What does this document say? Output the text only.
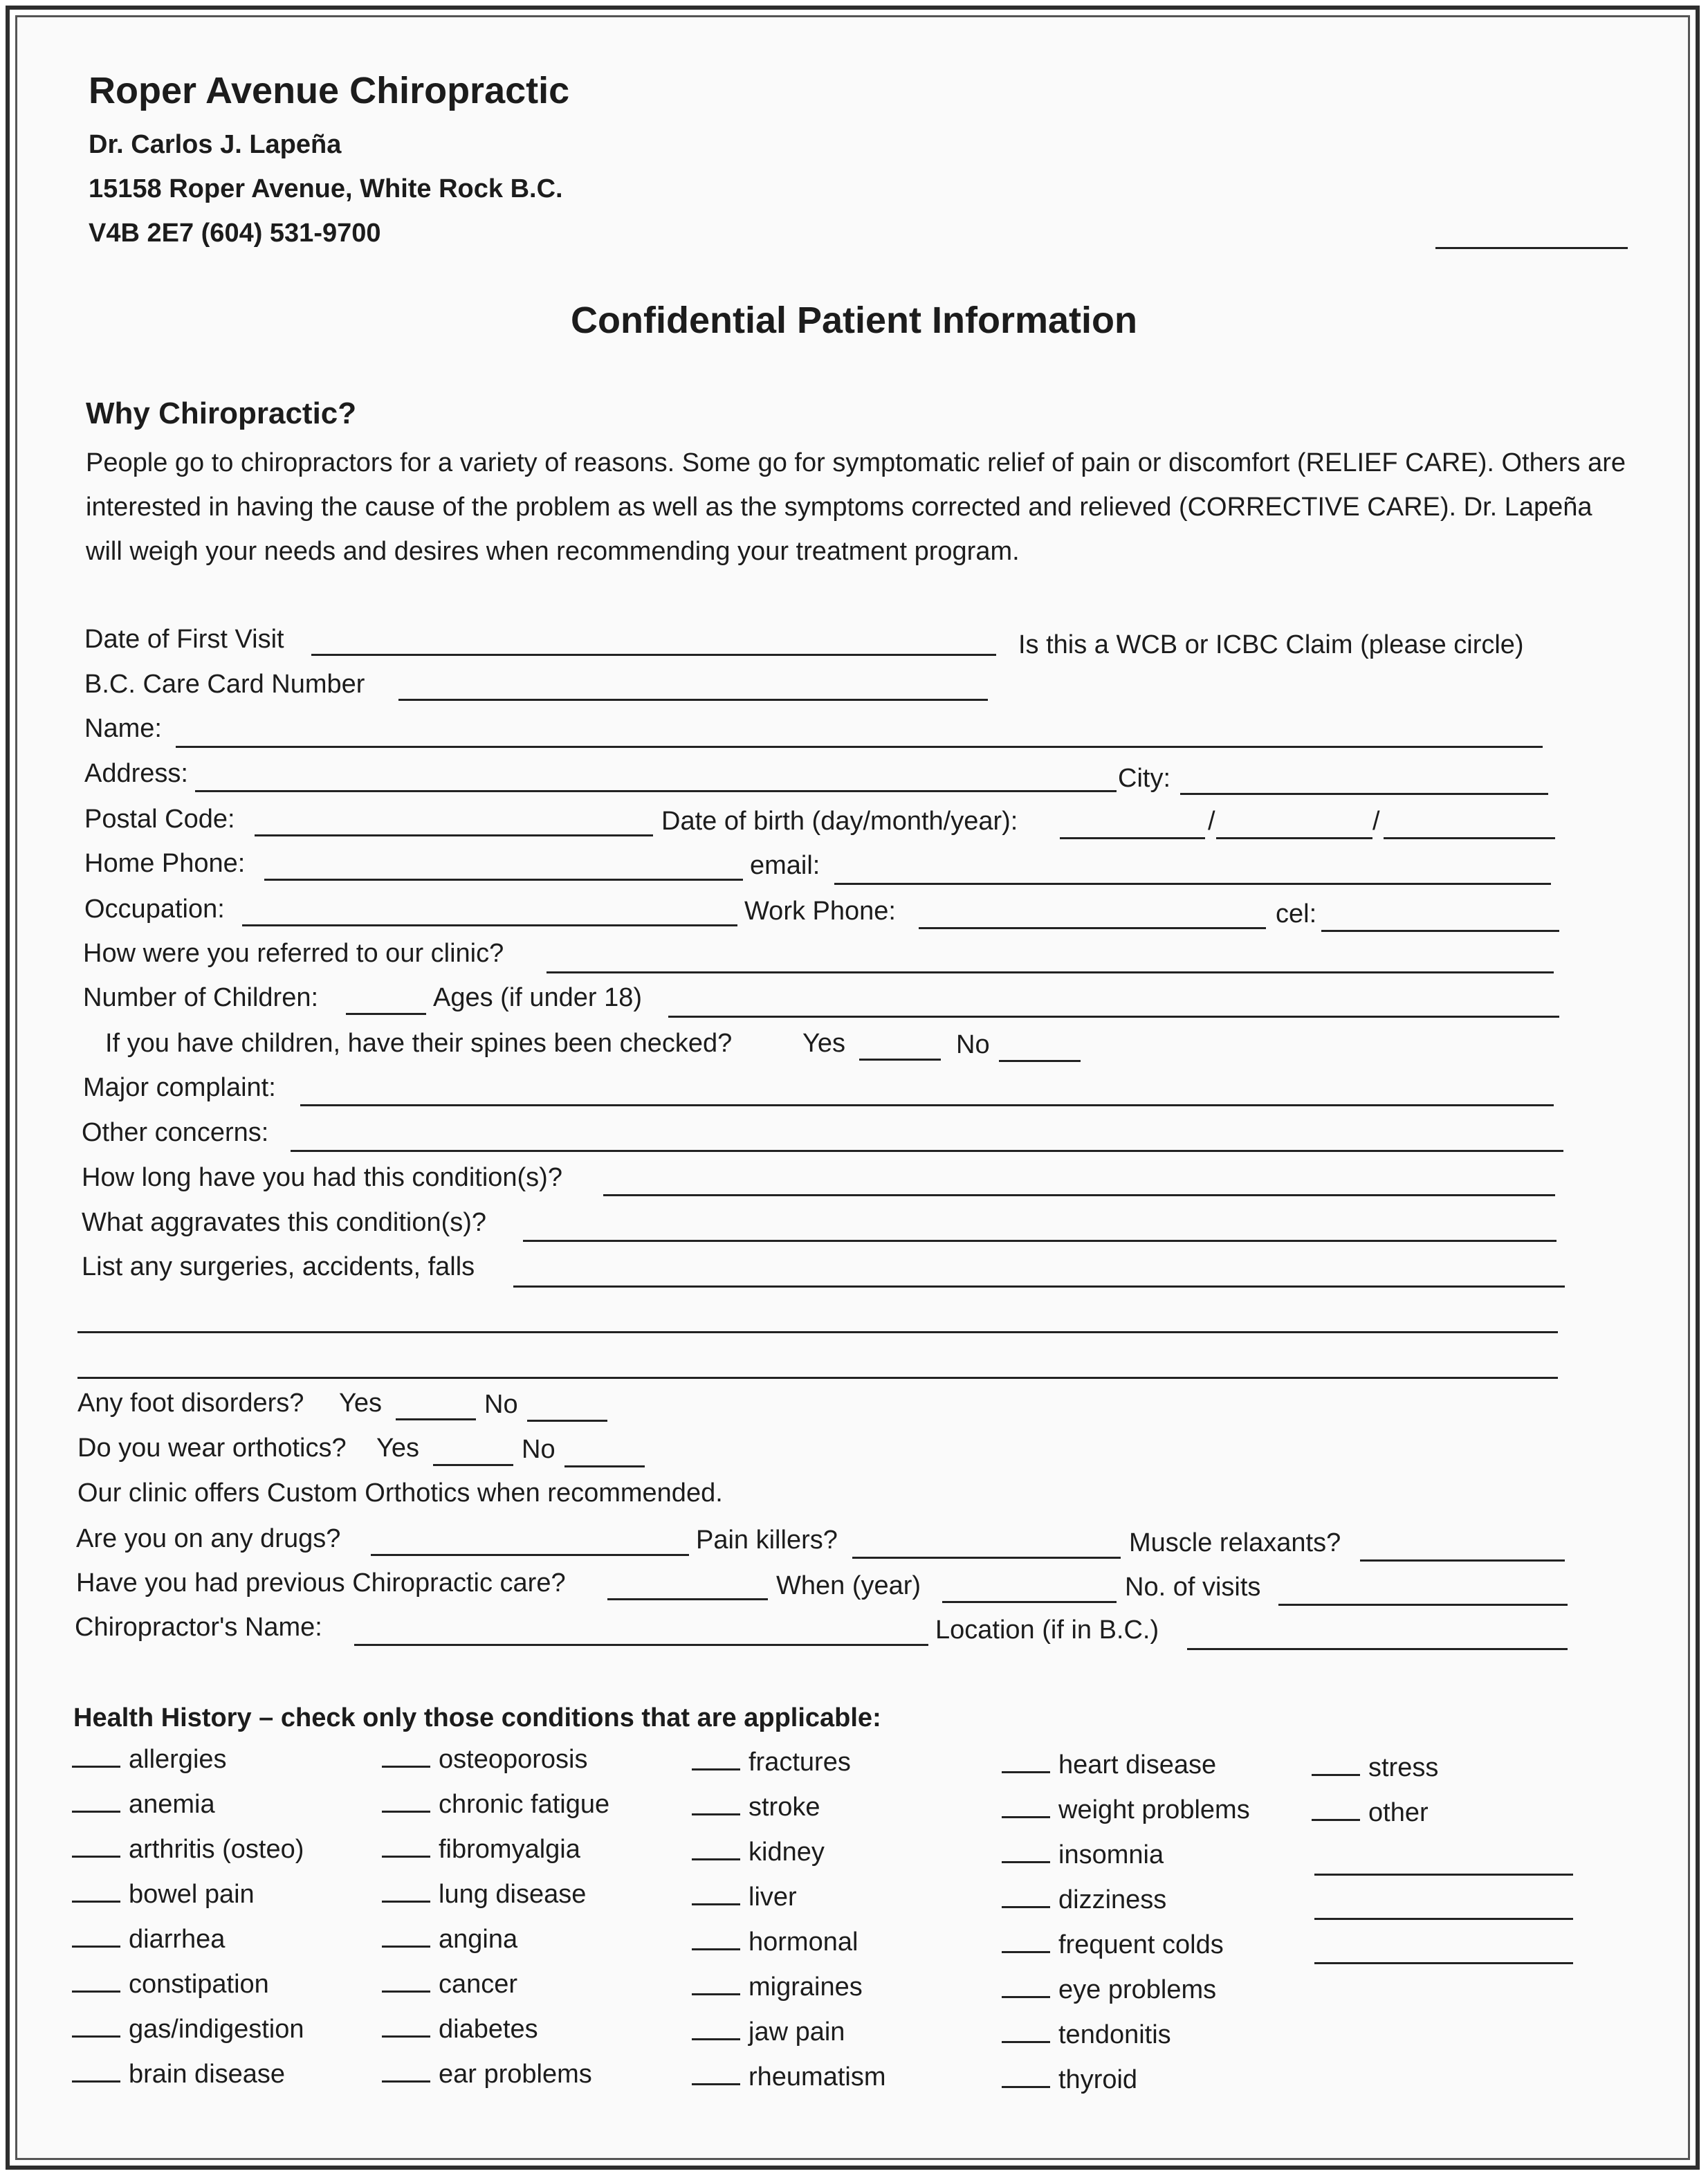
Roper Avenue Chiropractic
Dr. Carlos J. Lapeña
15158 Roper Avenue, White Rock B.C.
V4B 2E7 (604) 531-9700
Confidential Patient Information
Why Chiropractic?
People go to chiropractors for a variety of reasons. Some go for symptomatic relief of pain or discomfort (RELIEF CARE). Others are interested in having the cause of the problem as well as the symptoms corrected and relieved (CORRECTIVE CARE). Dr. Lapeña will weigh your needs and desires when recommending your treatment program.
Date of First Visit	Is this a WCB or ICBC Claim (please circle)
B.C. Care Card Number
Name:
Address:	City:
Postal Code:	Date of birth (day/month/year):	/	/
Home Phone:	email:
Occupation:	Work Phone:	cel:
How were you referred to our clinic?
Number of Children:	Ages (if under 18)
If you have children, have their spines been checked?	Yes	No
Major complaint:
Other concerns:
How long have you had this condition(s)?
What aggravates this condition(s)?
List any surgeries, accidents, falls
Any foot disorders? Yes	No
Do you wear orthotics? Yes	No
Our clinic offers Custom Orthotics when recommended.
Are you on any drugs?	Pain killers?	Muscle relaxants?
Have you had previous Chiropractic care?	When (year)	No. of visits
Chiropractor's Name:	Location (if in B.C.)
Health History – check only those conditions that are applicable:
allergies
anemia
arthritis (osteo)
bowel pain
diarrhea
constipation
gas/indigestion
brain disease
osteoporosis
chronic fatigue
fibromyalgia
lung disease
angina
cancer
diabetes
ear problems
fractures
stroke
kidney
liver
hormonal
migraines
jaw pain
rheumatism
heart disease
weight problems
insomnia
dizziness
frequent colds
eye problems
tendonitis
thyroid
stress
other
